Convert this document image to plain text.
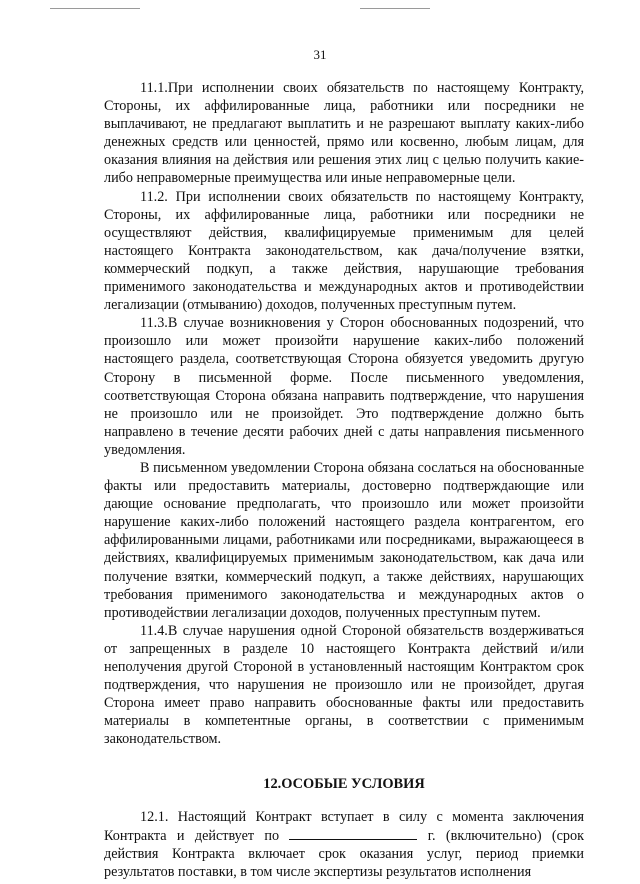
31

11.1.При исполнении своих обязательств по настоящему Контракту, Стороны, их аффилированные лица, работники или посредники не выплачивают, не предлагают выплатить и не разрешают выплату каких-либо денежных средств или ценностей, прямо или косвенно, любым лицам, для оказания влияния на действия или решения этих лиц с целью получить какие-либо неправомерные преимущества или иные неправомерные цели.

11.2. При исполнении своих обязательств по настоящему Контракту, Стороны, их аффилированные лица, работники или посредники не осуществляют действия, квалифицируемые применимым для целей настоящего Контракта законодательством, как дача/получение взятки, коммерческий подкуп, а также действия, нарушающие требования применимого законодательства и международных актов и противодействии легализации (отмыванию) доходов, полученных преступным путем.

11.3.В случае возникновения у Сторон обоснованных подозрений, что произошло или может произойти нарушение каких-либо положений настоящего раздела, соответствующая Сторона обязуется уведомить другую Сторону в письменной форме. После письменного уведомления, соответствующая Сторона обязана направить подтверждение, что нарушения не произошло или не произойдет. Это подтверждение должно быть направлено в течение десяти рабочих дней с даты направления письменного уведомления.

В письменном уведомлении Сторона обязана сослаться на обоснованные факты или предоставить материалы, достоверно подтверждающие или дающие основание предполагать, что произошло или может произойти нарушение каких-либо положений настоящего раздела контрагентом, его аффилированными лицами, работниками или посредниками, выражающееся в действиях, квалифицируемых применимым законодательством, как дача или получение взятки, коммерческий подкуп, а также действиях, нарушающих требования применимого законодательства и международных актов о противодействии легализации доходов, полученных преступным путем.

11.4.В случае нарушения одной Стороной обязательств воздерживаться от запрещенных в разделе 10 настоящего Контракта действий и/или неполучения другой Стороной в установленный настоящим Контрактом срок подтверждения, что нарушения не произошло или не произойдет, другая Сторона имеет право направить обоснованные факты или предоставить материалы в компетентные органы, в соответствии с применимым законодательством.

12.ОСОБЫЕ УСЛОВИЯ

12.1. Настоящий Контракт вступает в силу с момента заключения Контракта и действует по	г. (включительно) (срок действия Контракта включает срок оказания услуг, период приемки результатов поставки, в том числе экспертизы результатов исполнения
